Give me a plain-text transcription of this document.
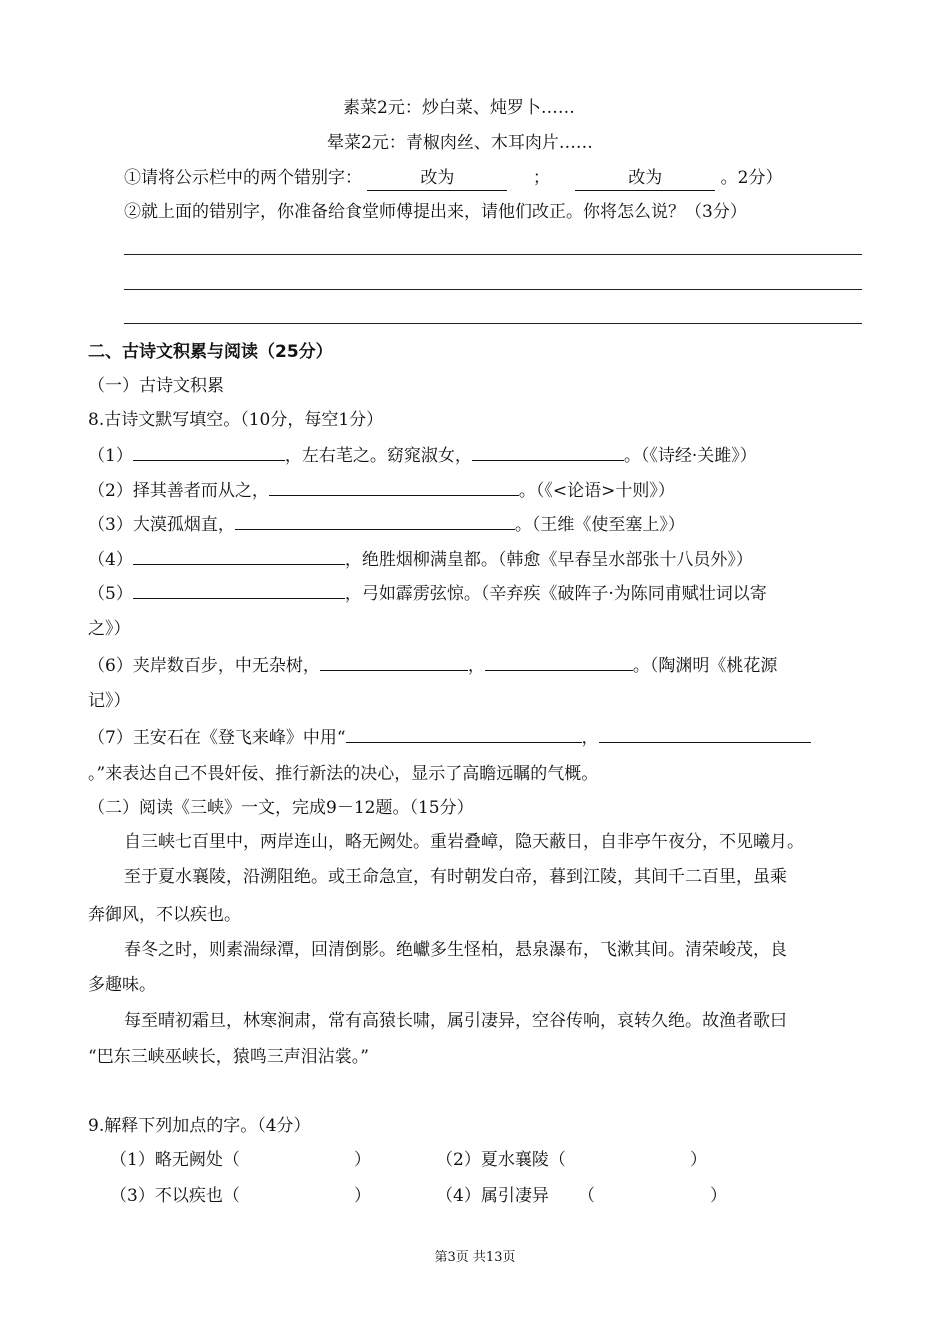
素菜2元：炒白菜、炖罗卜……
晕菜2元：青椒肉丝、木耳肉片……
①请将公示栏中的两个错别字：	改为	；	改为	。2分）
②就上面的错别字，你准备给食堂师傅提出来，请他们改正。你将怎么说？（3分）
二、古诗文积累与阅读（25分）
（一）古诗文积累
8.古诗文默写填空。（10分，每空1分）
（1）	，左右芼之。窈窕淑女，	。（《诗经·关雎》）
（2）择其善者而从之，	。（《<论语>十则》）
（3）大漠孤烟直，	。（王维《使至塞上》）
（4）	，绝胜烟柳满皇都。（韩愈《早春呈水部张十八员外》）
（5）	，弓如霹雳弦惊。（辛弃疾《破阵子·为陈同甫赋壮词以寄
之》）
（6）夹岸数百步，中无杂树，	，	。（陶渊明《桃花源
记》）
（7）王安石在《登飞来峰》中用“	，
。”来表达自己不畏奸佞、推行新法的决心，显示了高瞻远瞩的气概。
（二）阅读《三峡》一文，完成9－12题。（15分）
自三峡七百里中，两岸连山，略无阙处。重岩叠嶂，隐天蔽日，自非亭午夜分，不见曦月。
至于夏水襄陵，沿溯阻绝。或王命急宣，有时朝发白帝，暮到江陵，其间千二百里，虽乘
奔御风，不以疾也。
春冬之时，则素湍绿潭，回清倒影。绝巘多生怪柏，悬泉瀑布，飞漱其间。清荣峻茂，良
多趣味。
每至晴初霜旦，林寒涧肃，常有高猿长啸，属引凄异，空谷传响，哀转久绝。故渔者歌曰
“巴东三峡巫峡长，猿鸣三声泪沾裳。”
9.解释下列加点的字。（4分）
（1）略无阙处（	）	（2）夏水襄陵（	）
（3）不以疾也（	）	（4）属引凄异 （	）
第3页 共13页
